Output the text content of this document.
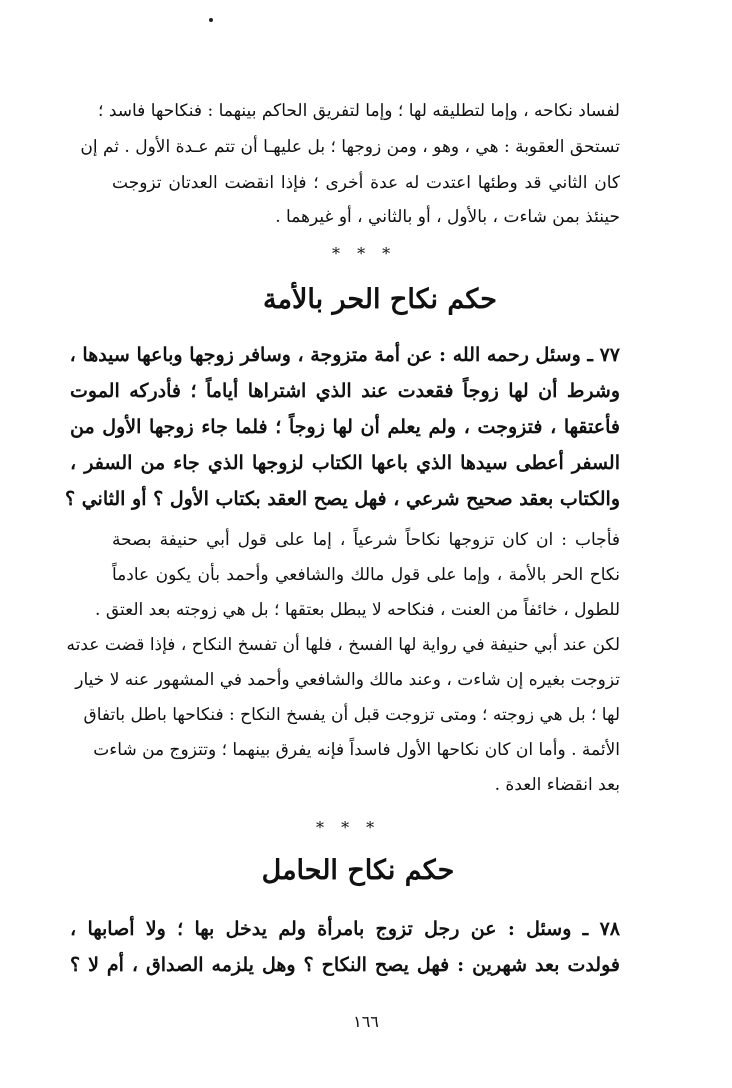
لفساد نكاحه ، وإما لتطليقه لها ؛ وإما لتفريق الحاكم بينهما : فنكاحها فاسد ؛
تستحق العقوبة : هي ، وهو ، ومن زوجها ؛ بل عليهـا أن تتم عـدة الأول . ثم إن
كان الثاني قد وطئها اعتدت له عدة أخرى ؛ فإذا انقضت العدتان تزوجت
حينئذ بمن شاءت ، بالأول ، أو بالثاني ، أو غيرهما .
* * *
حكم نكاح الحر بالأمة
٧٧ ـ وسئل رحمه الله : عن أمة متزوجة ، وسافر زوجها وباعها سيدها ،
وشرط أن لها زوجاً فقعدت عند الذي اشتراها أياماً ؛ فأدركه الموت
فأعتقها ، فتزوجت ، ولم يعلم أن لها زوجاً ؛ فلما جاء زوجها الأول من
السفر أعطى سيدها الذي باعها الكتاب لزوجها الذي جاء من السفر ،
والكتاب بعقد صحيح شرعي ، فهل يصح العقد بكتاب الأول ؟ أو الثاني ؟
فأجاب : ان كان تزوجها نكاحاً شرعياً ، إما على قول أبي حنيفة بصحة
نكاح الحر بالأمة ، وإما على قول مالك والشافعي وأحمد بأن يكون عادماً
للطول ، خائفاً من العنت ، فنكاحه لا يبطل بعتقها ؛ بل هي زوجته بعد العتق .
لكن عند أبي حنيفة في رواية لها الفسخ ، فلها أن تفسخ النكاح ، فإذا قضت عدته
تزوجت بغيره إن شاءت ، وعند مالك والشافعي وأحمد في المشهور عنه لا خيار
لها ؛ بل هي زوجته ؛ ومتى تزوجت قبل أن يفسخ النكاح : فنكاحها باطل باتفاق
الأئمة . وأما ان كان نكاحها الأول فاسداً فإنه يفرق بينهما ؛ وتتزوج من شاءت
بعد انقضاء العدة .
* * *
حكم نكاح الحامل
٧٨ ـ وسئل : عن رجل تزوج بامرأة ولم يدخل بها ؛ ولا أصابها ،
فولدت بعد شهرين : فهل يصح النكاح ؟ وهل يلزمه الصداق ، أم لا ؟
١٦٦
